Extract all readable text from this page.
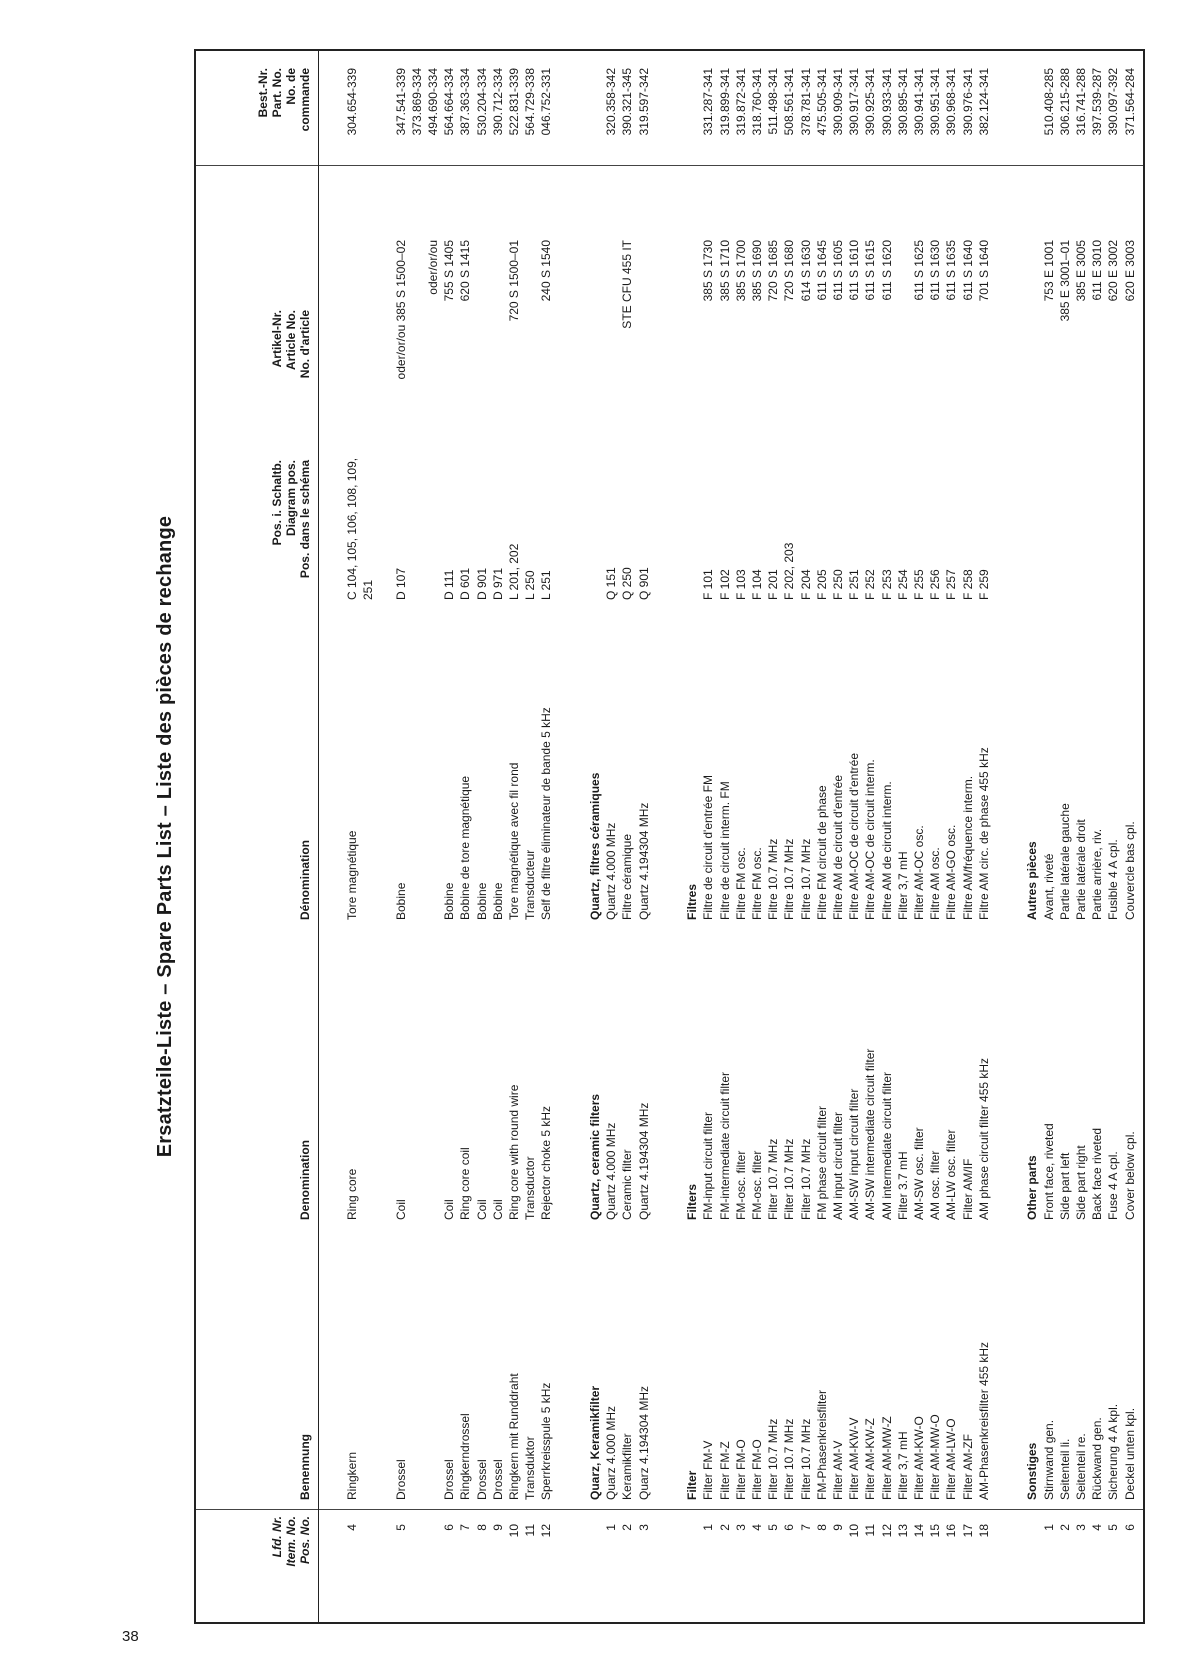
38
Ersatzteile-Liste – Spare Parts List – Liste des pièces de rechange
Lfd. Nr. Item. No. Pos. No.
Benennung
Denomination
Dénomination
Pos. i. Schaltb. Diagram pos. Pos. dans le schéma
Artikel-Nr. Article No. No. d'article
Best.-Nr. Part. No. No. de commande
4
Ringkern
Ring core
Tore magnétique
C 104, 105, 106, 108, 109,
304.654-339
251
5
Drossel
Coil
Bobine
D 107
oder/or/ou 385 S 1500–02
347.541-339 373.869-334
oder/or/ou
494.690-334
6
Drossel
Coil
Bobine
D 111
755 S 1405
564.664-334
7
Ringkerndrossel
Ring core coil
Bobine de tore magnétique
D 601
620 S 1415
387.363-334
8
Drossel
Coil
Bobine
D 901
530.204-334
9
Drossel
Coil
Bobine
D 971
390.712-334
10
Ringkern mit Runddraht
Ring core with round wire
Tore magnétique avec fil rond
L 201, 202
720 S 1500–01
522.831-339
11
Transduktor
Transductor
Transducteur
L 250
564.729-338
12
Sperrkreisspule 5 kHz
Rejector choke 5 kHz
Self de filtre éliminateur de bande 5 kHz
L 251
240 S 1540
046.752-331
Quarz, Keramikfilter
Quartz, ceramic filters
Quartz, filtres céramiques
1
Quarz 4.000 MHz
Quartz 4.000 MHz
Quartz 4.000 MHz
Q 151
320.358-342
2
Keramikfilter
Ceramic filter
Filtre céramique
Q 250
STE CFU 455 IT
390.321-345
3
Quarz 4.194304 MHz
Quartz 4.194304 MHz
Quartz 4.194304 MHz
Q 901
319.597-342
Filter
Filters
Filtres
1
Filter FM-V
FM-input circuit filter
Filtre de circuit d'entrée FM
F 101
385 S 1730
331.287-341
2
Filter FM-Z
FM-intermediate circuit filter
Filtre de circuit interm. FM
F 102
385 S 1710
319.899-341
3
Filter FM-O
FM-osc. filter
Filtre FM osc.
F 103
385 S 1700
319.872-341
4
Filter FM-O
FM-osc. filter
Filtre FM osc.
F 104
385 S 1690
318.760-341
5
Filter 10.7 MHz
Filter 10.7 MHz
Filtre 10.7 MHz
F 201
720 S 1685
511.498-341
6
Filter 10.7 MHz
Filter 10.7 MHz
Filtre 10.7 MHz
F 202, 203
720 S 1680
508.561-341
7
Filter 10.7 MHz
Filter 10.7 MHz
Filtre 10.7 MHz
F 204
614 S 1630
378.781-341
8
FM-Phasenkreisfilter
FM phase circuit filter
Filtre FM circuit de phase
F 205
611 S 1645
475.505-341
9
Filter AM-V
AM input circuit filter
Filtre AM de circuit d'entrée
F 250
611 S 1605
390.909-341
10
Filter AM-KW-V
AM-SW input circuit filter
Filtre AM-OC de circuit d'entrée
F 251
611 S 1610
390.917-341
11
Filter AM-KW-Z
AM-SW intermediate circuit filter
Filtre AM-OC de circuit interm.
F 252
611 S 1615
390.925-341
12
Filter AM-MW-Z
AM intermediate circuit filter
Filtre AM de circuit interm.
F 253
611 S 1620
390.933-341
13
Filter 3,7 mH
Filter 3.7 mH
Filter 3,7 mH
F 254
390.895-341
14
Filter AM-KW-O
AM-SW osc. filter
Filter AM-OC osc.
F 255
611 S 1625
390.941-341
15
Filter AM-MW-O
AM osc. filter
Filtre AM osc.
F 256
611 S 1630
390.951-341
16
Filter AM-LW-O
AM-LW osc. filter
Filtre AM-GO osc.
F 257
611 S 1635
390.968-341
17
Filter AM-ZF
Filter AM/IF
Filtre AM/fréquence interm.
F 258
611 S 1640
390.976-341
18
AM-Phasenkreisfilter 455 kHz
AM phase circuit filter 455 kHz
Filtre AM circ. de phase 455 kHz
F 259
701 S 1640
382.124-341
Sonstiges
Other parts
Autres pièces
1
Stirnwand gen.
Front face, riveted
Avant, riveté
753 E 1001
510.408-285
2
Seitenteil li.
Side part left
Partie latérale gauche
385 E 3001–01
306.215-288
3
Seitenteil re.
Side part right
Partie latérale droit
385 E 3005
316.741-288
4
Rückwand gen.
Back face riveted
Partie arrière, riv.
611 E 3010
397.539-287
5
Sicherung 4 A kpl.
Fuse 4 A cpl.
Fusible 4 A cpl.
620 E 3002
390.097-392
6
Deckel unten kpl.
Cover below cpl.
Couvercle bas cpl.
620 E 3003
371.564-284
